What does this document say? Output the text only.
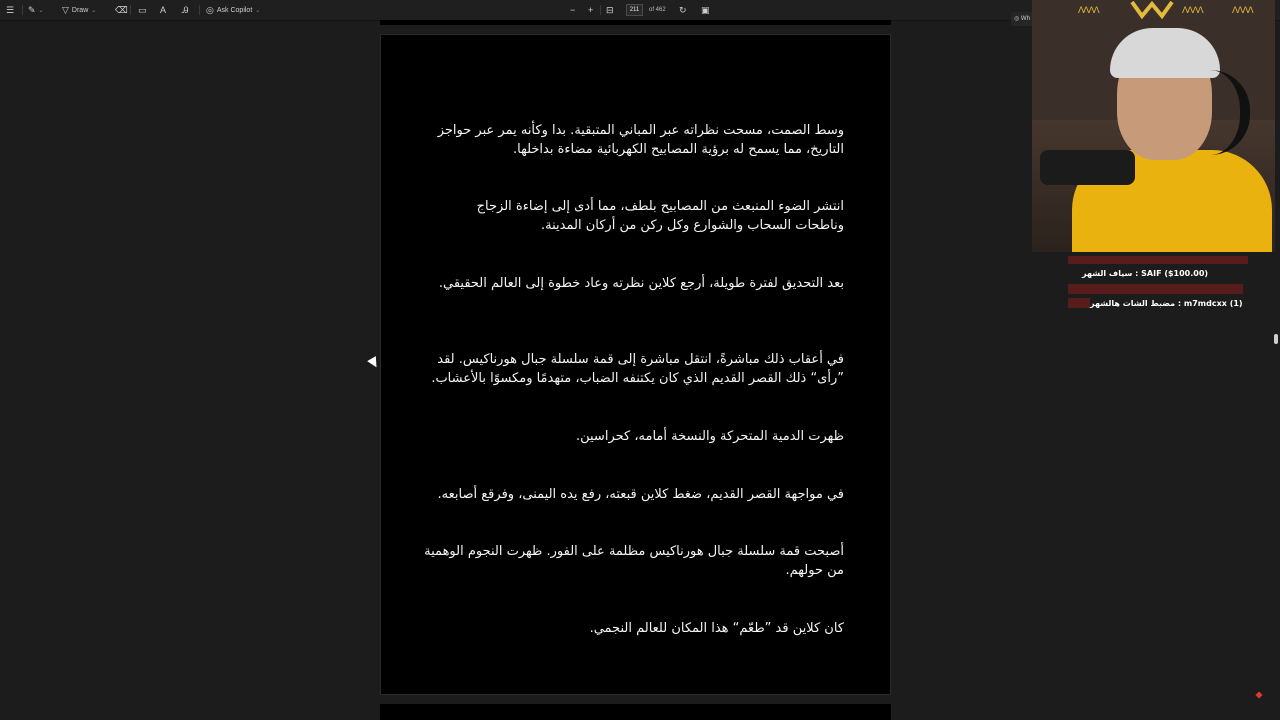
☰ ✎ ⌄ ▽ Draw ⌄ ⌫ ▭ A Ꭿ ◎ Ask Copilot ⌄	− + ⊟	211	of 462 ↻ ▣
وسط الصمت، مسحت نظراته عبر المباني المتبقية. بدا وكأنه يمر عبر حواجز التاريخ، مما يسمح له برؤية المصابيح الكهربائية مضاءة بداخلها.
انتشر الضوء المنبعث من المصابيح بلطف، مما أدى إلى إضاءة الزجاج وناطحات السحاب والشوارع وكل ركن من أركان المدينة.
بعد التحديق لفترة طويلة، أرجع كلاين نظرته وعاد خطوة إلى العالم الحقيقي.
في أعقاب ذلك مباشرةً، انتقل مباشرة إلى قمة سلسلة جبال هورناكيس. لقد ”رأى“ ذلك القصر القديم الذي كان يكتنفه الضباب، متهدمًا ومكسوًا بالأعشاب.
ظهرت الدمية المتحركة والنسخة أمامه، كحراسين.
في مواجهة القصر القديم، ضغط كلاين قبعته، رفع يده اليمنى، وفرقع أصابعه.
أصبحت قمة سلسلة جبال هورناكيس مظلمة على الفور. ظهرت النجوم الوهمية من حولهم.
كان كلاين قد ”طعّم“ هذا المكان للعالم النجمي.
◎ Wh
ᐱᐱᐱᐱ	ᐱᐱᐱᐱ	ᐱᐱᐱᐱ
SAIF ($100.00) : سياف الشهر
m7mdcxx (1) : مضبط الشات هالشهر
⯁
